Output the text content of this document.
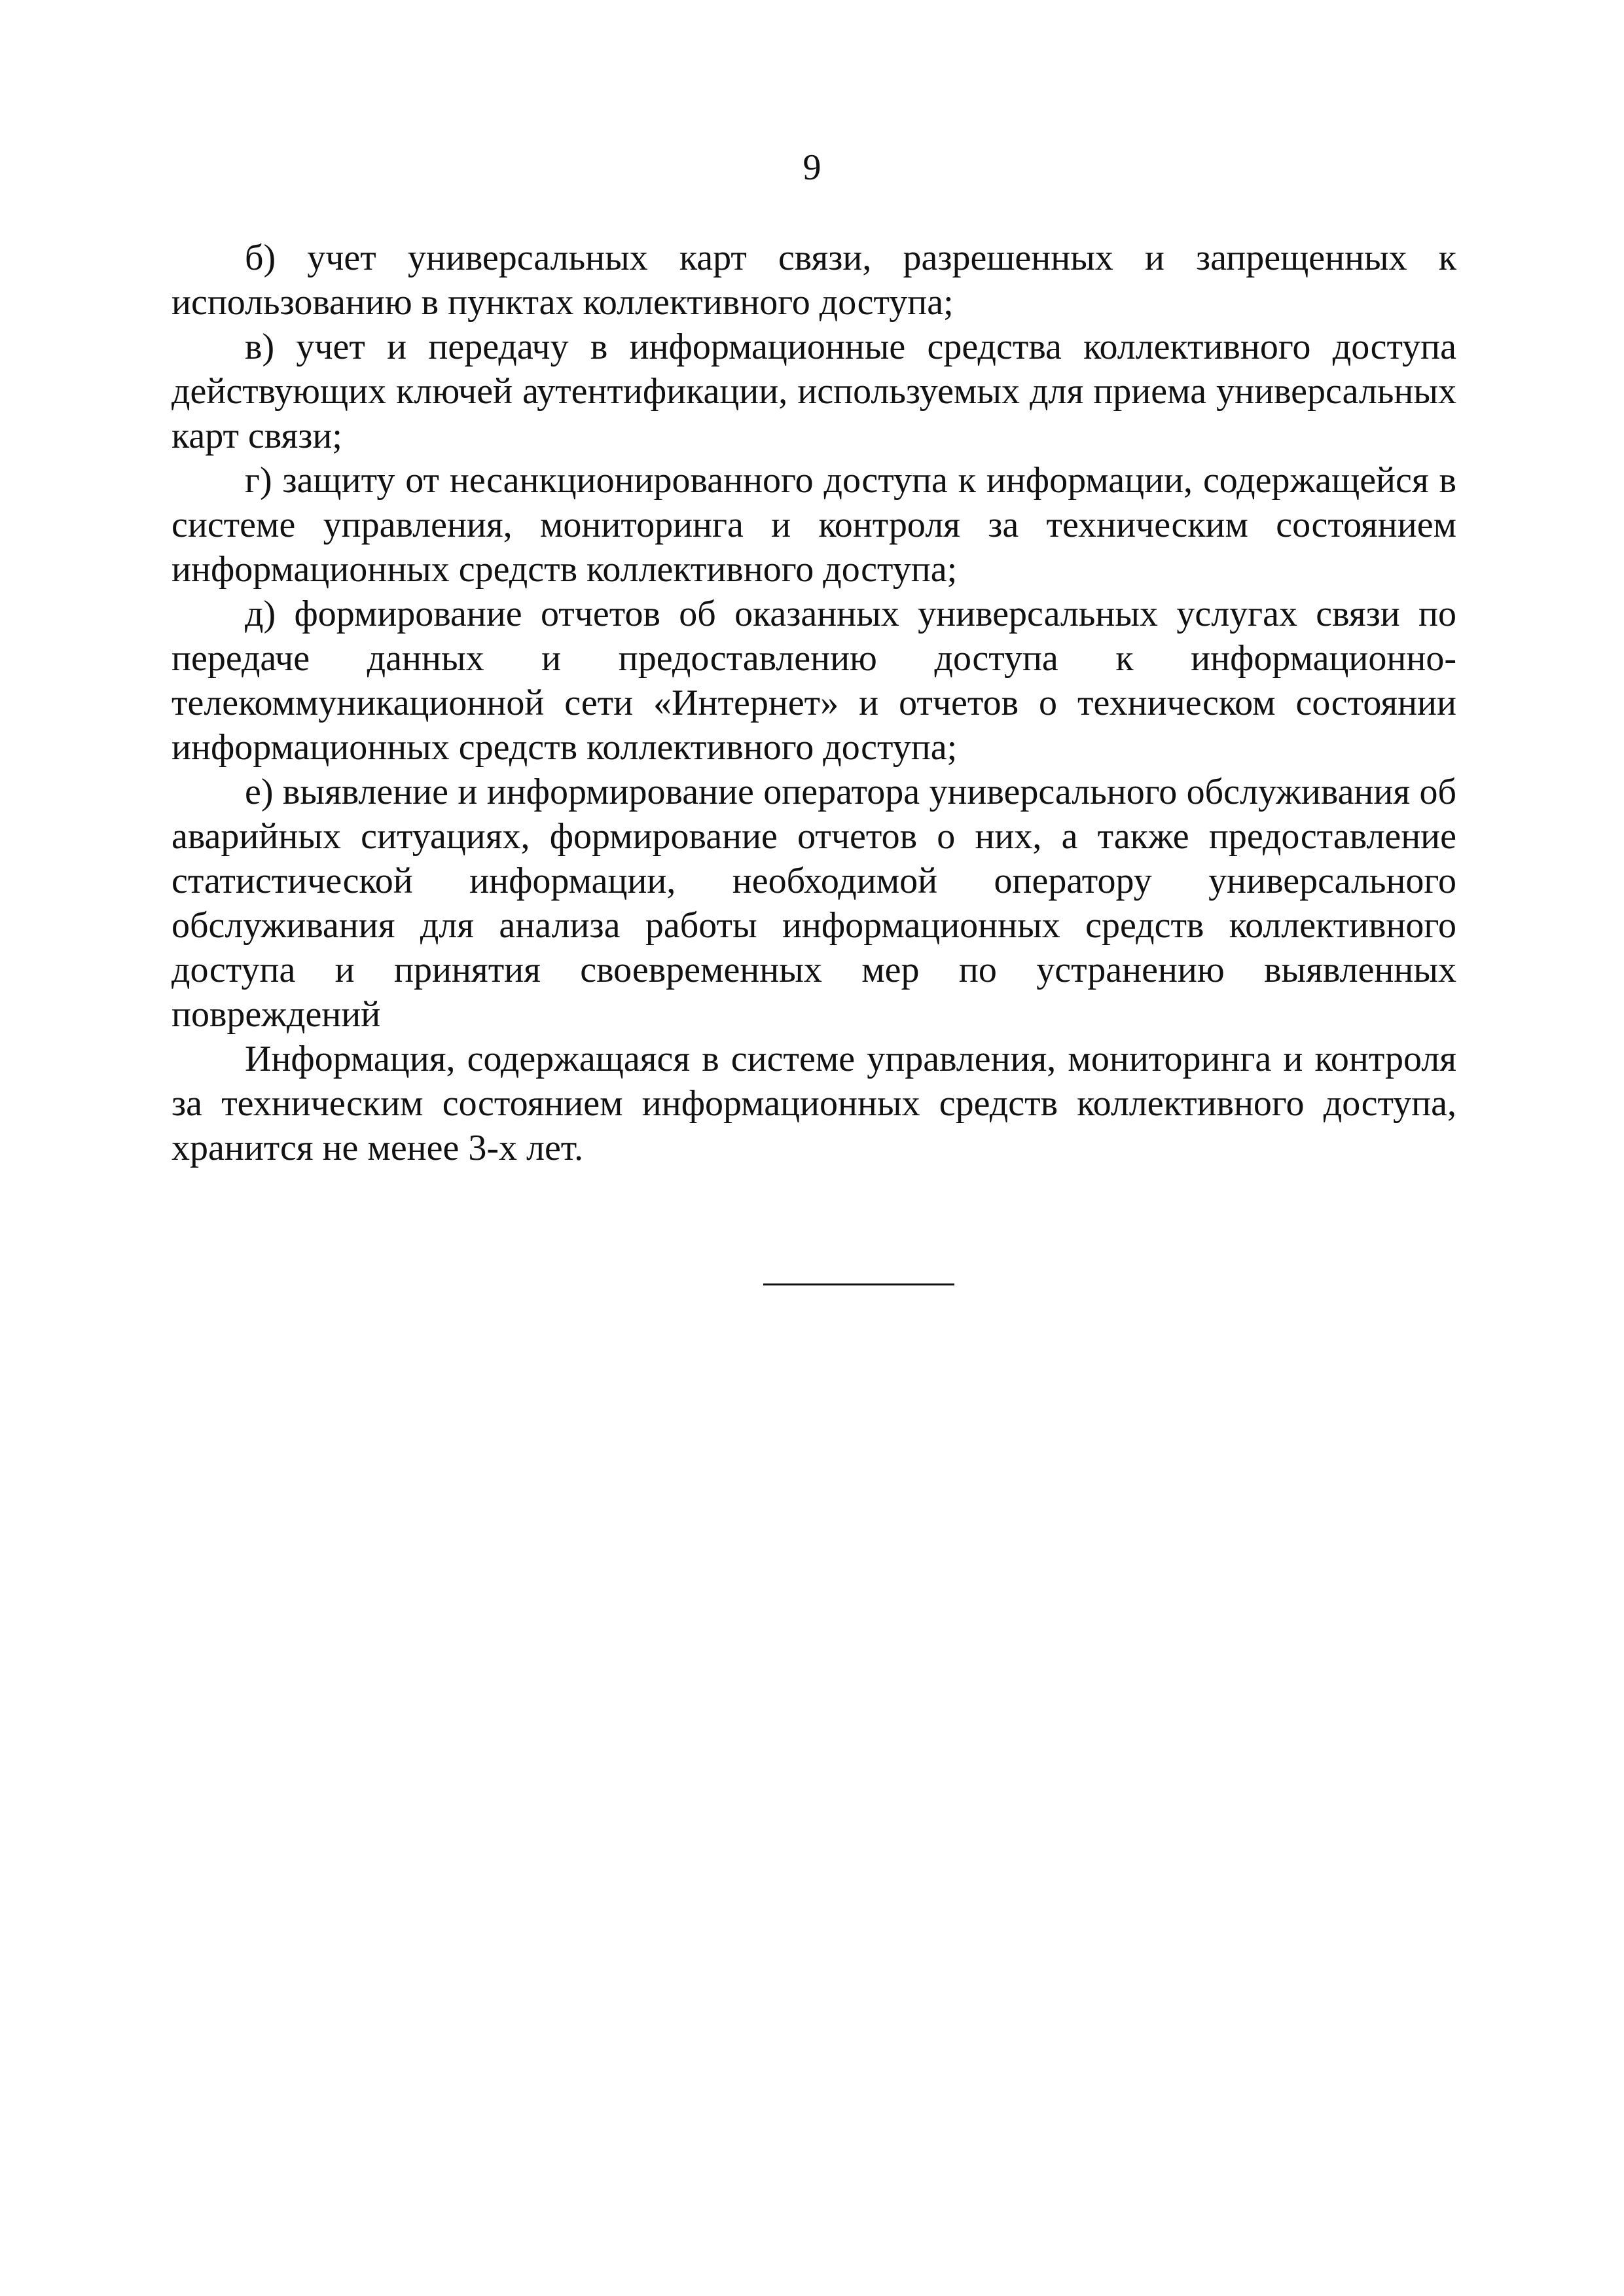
9

б) учет универсальных карт связи, разрешенных и запрещенных к использованию в пунктах коллективного доступа;

в) учет и передачу в информационные средства коллективного доступа действующих ключей аутентификации, используемых для приема универсальных карт связи;

г) защиту от несанкционированного доступа к информации, содержащейся в системе управления, мониторинга и контроля за техническим состоянием информационных средств коллективного доступа;

д) формирование отчетов об оказанных универсальных услугах связи по передаче данных и предоставлению доступа к информационно-телекоммуникационной сети «Интернет» и отчетов о техническом состоянии информационных средств коллективного доступа;

е) выявление и информирование оператора универсального обслуживания об аварийных ситуациях, формирование отчетов о них, а также предоставление статистической информации, необходимой оператору универсального обслуживания для анализа работы информационных средств коллективного доступа и принятия своевременных мер по устранению выявленных повреждений

Информация, содержащаяся в системе управления, мониторинга и контроля за техническим состоянием информационных средств коллективного доступа, хранится не менее 3-х лет.
